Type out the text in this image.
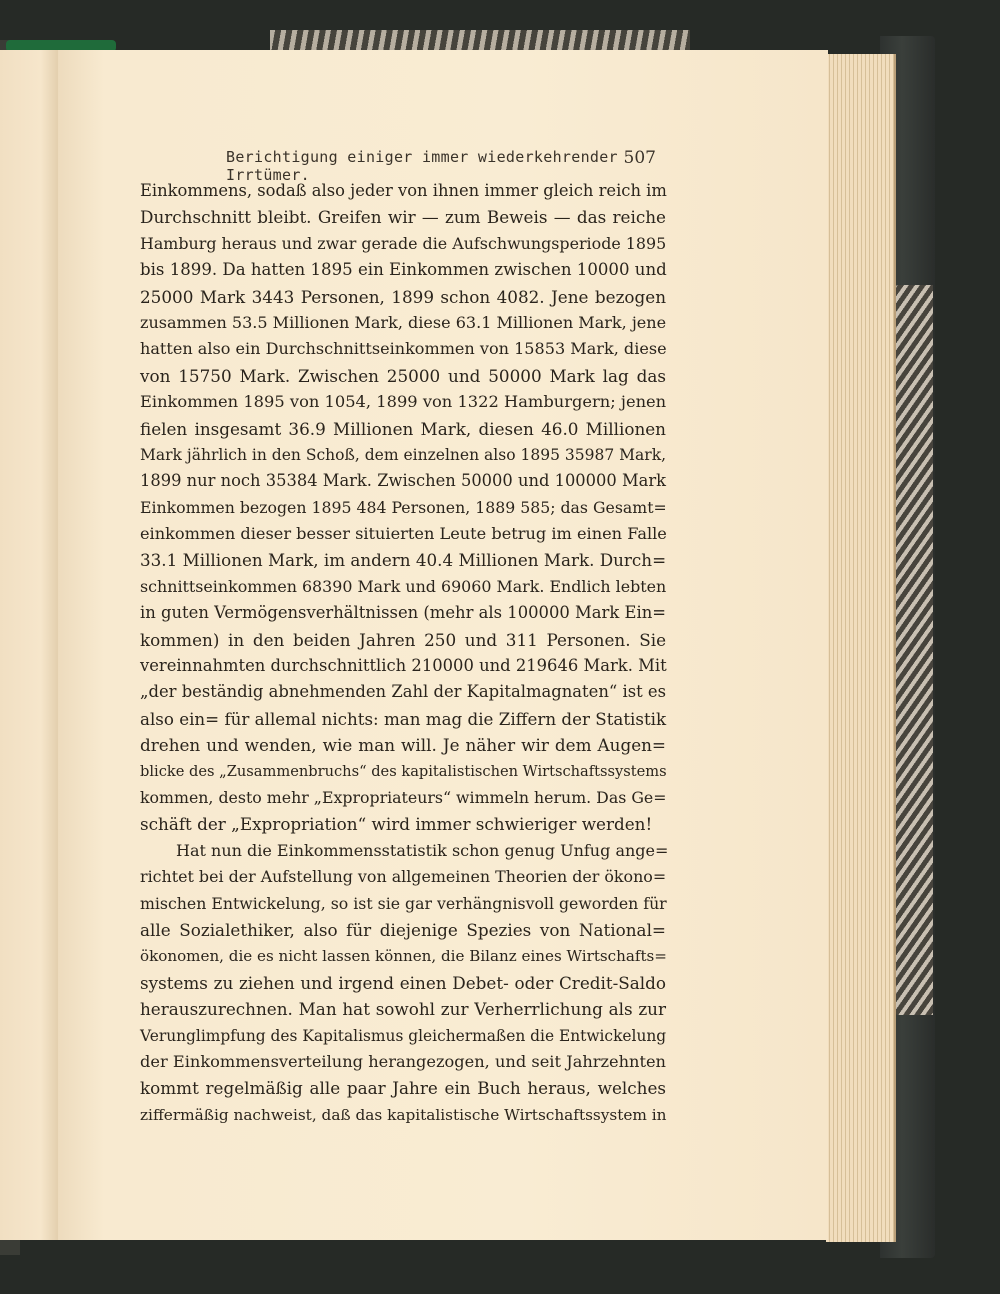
Berichtigung einiger immer wiederkehrender Irrtümer.
507
Einkommens, sodaß also jeder von ihnen immer gleich reich im
Durchschnitt bleibt. Greifen wir — zum Beweis — das reiche
Hamburg heraus und zwar gerade die Aufschwungsperiode 1895
bis 1899. Da hatten 1895 ein Einkommen zwischen 10000 und
25000 Mark 3443 Personen, 1899 schon 4082. Jene bezogen
zusammen 53.5 Millionen Mark, diese 63.1 Millionen Mark, jene
hatten also ein Durchschnittseinkommen von 15853 Mark, diese
von 15750 Mark. Zwischen 25000 und 50000 Mark lag das
Einkommen 1895 von 1054, 1899 von 1322 Hamburgern; jenen
fielen insgesamt 36.9 Millionen Mark, diesen 46.0 Millionen
Mark jährlich in den Schoß, dem einzelnen also 1895 35987 Mark,
1899 nur noch 35384 Mark. Zwischen 50000 und 100000 Mark
Einkommen bezogen 1895 484 Personen, 1889 585; das Gesamt=
einkommen dieser besser situierten Leute betrug im einen Falle
33.1 Millionen Mark, im andern 40.4 Millionen Mark. Durch=
schnittseinkommen 68390 Mark und 69060 Mark. Endlich lebten
in guten Vermögensverhältnissen (mehr als 100000 Mark Ein=
kommen) in den beiden Jahren 250 und 311 Personen. Sie
vereinnahmten durchschnittlich 210000 und 219646 Mark. Mit
„der beständig abnehmenden Zahl der Kapitalmagnaten“ ist es
also ein= für allemal nichts: man mag die Ziffern der Statistik
drehen und wenden, wie man will. Je näher wir dem Augen=
blicke des „Zusammenbruchs“ des kapitalistischen Wirtschaftssystems
kommen, desto mehr „Expropriateurs“ wimmeln herum. Das Ge=
schäft der „Expropriation“ wird immer schwieriger werden!
Hat nun die Einkommensstatistik schon genug Unfug ange=
richtet bei der Aufstellung von allgemeinen Theorien der ökono=
mischen Entwickelung, so ist sie gar verhängnisvoll geworden für
alle Sozialethiker, also für diejenige Spezies von National=
ökonomen, die es nicht lassen können, die Bilanz eines Wirtschafts=
systems zu ziehen und irgend einen Debet- oder Credit-Saldo
herauszurechnen. Man hat sowohl zur Verherrlichung als zur
Verunglimpfung des Kapitalismus gleichermaßen die Entwickelung
der Einkommensverteilung herangezogen, und seit Jahrzehnten
kommt regelmäßig alle paar Jahre ein Buch heraus, welches
ziffermäßig nachweist, daß das kapitalistische Wirtschaftssystem in
